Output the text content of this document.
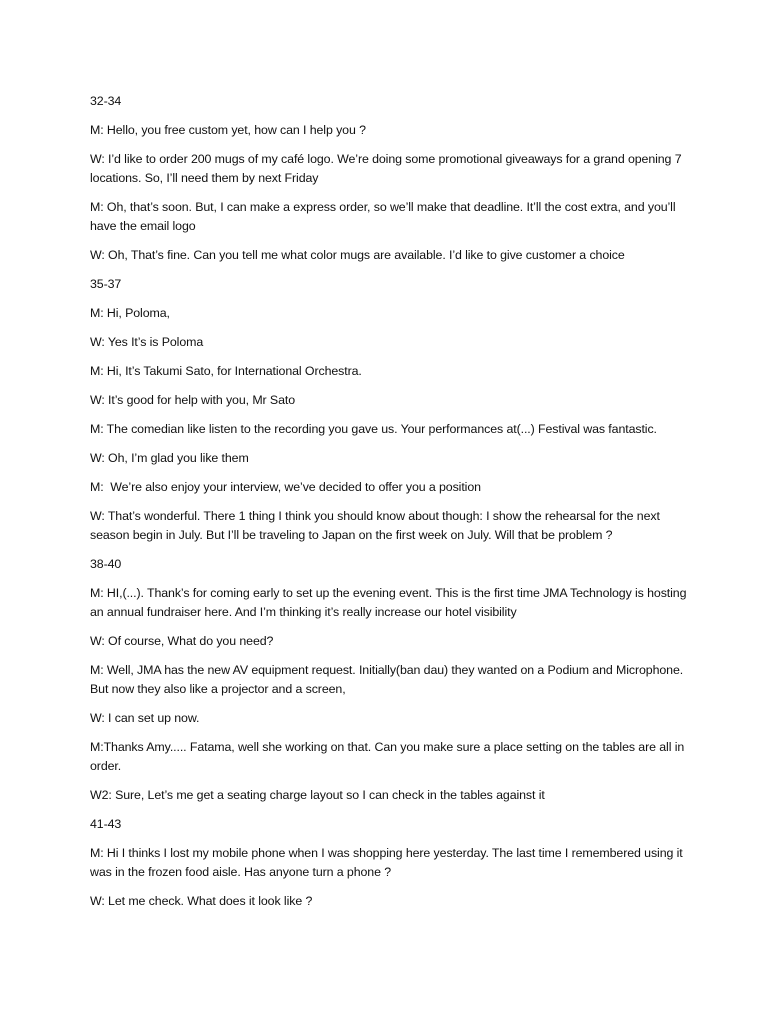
32-34

M: Hello, you free custom yet, how can I help you ?

W: I’d like to order 200 mugs of my café logo. We’re doing some promotional giveaways for a grand opening 7 locations. So, I’ll need them by next Friday

M: Oh, that’s soon. But, I can make a express order, so we’ll make that deadline. It’ll the cost extra, and you’ll have the email logo

W: Oh, That’s fine. Can you tell me what color mugs are available. I’d like to give customer a choice

35-37

M: Hi, Poloma,

W: Yes It’s is Poloma

M: Hi, It’s Takumi Sato, for International Orchestra.

W: It’s good for help with you, Mr Sato

M: The comedian like listen to the recording you gave us. Your performances at(...) Festival was fantastic.

W: Oh, I’m glad you like them

M:  We’re also enjoy your interview, we’ve decided to offer you a position

W: That’s wonderful. There 1 thing I think you should know about though: I show the rehearsal for the next season begin in July. But I’ll be traveling to Japan on the first week on July. Will that be problem ?

38-40

M: HI,(...). Thank’s for coming early to set up the evening event. This is the first time JMA Technology is hosting an annual fundraiser here. And I’m thinking it’s really increase our hotel visibility

W: Of course, What do you need?

M: Well, JMA has the new AV equipment request. Initially(ban dau) they wanted on a Podium and Microphone. But now they also like a projector and a screen,

W: I can set up now.

M:Thanks Amy..... Fatama, well she working on that. Can you make sure a place setting on the tables are all in order.

W2: Sure, Let’s me get a seating charge layout so I can check in the tables against it

41-43

M: Hi I thinks I lost my mobile phone when I was shopping here yesterday. The last time I remembered using it was in the frozen food aisle. Has anyone turn a phone ?

W: Let me check. What does it look like ?
